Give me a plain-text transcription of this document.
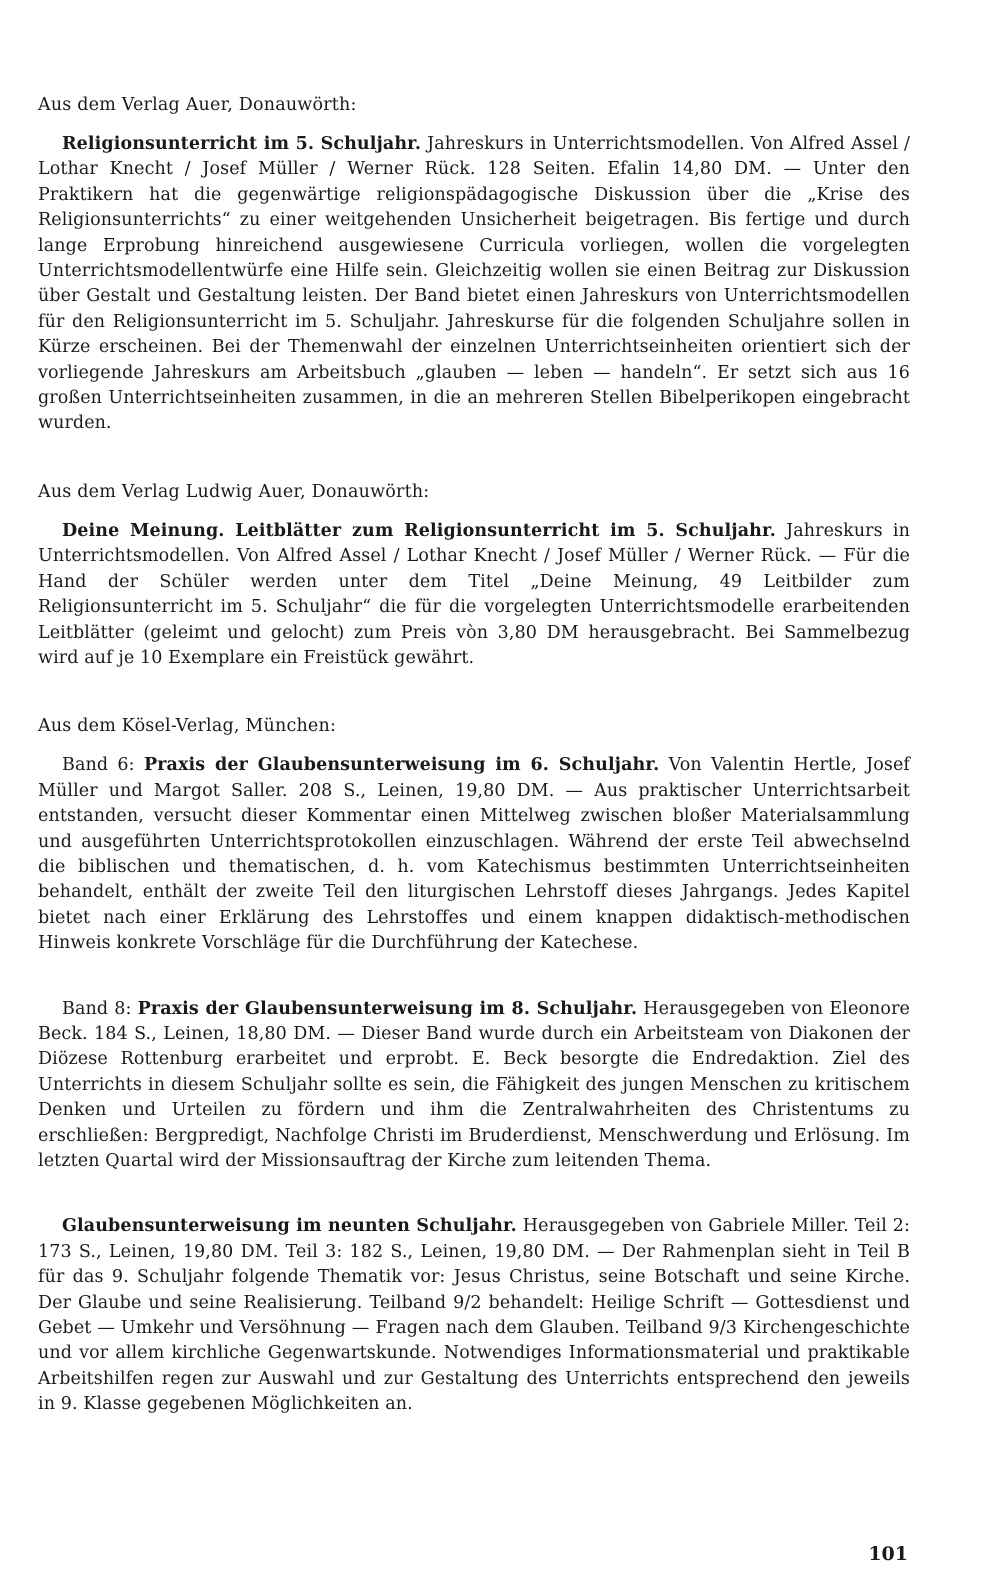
Aus dem Verlag Auer, Donauwörth:

Religionsunterricht im 5. Schuljahr. Jahreskurs in Unterrichtsmodellen. Von Alfred Assel / Lothar Knecht / Josef Müller / Werner Rück. 128 Seiten. Efalin 14,80 DM. — Unter den Praktikern hat die gegenwärtige religionspädagogische Diskussion über die „Krise des Religionsunterrichts“ zu einer weitgehenden Unsicherheit beigetragen. Bis fertige und durch lange Erprobung hinreichend ausgewiesene Curricula vorliegen, wollen die vorgelegten Unterrichtsmodellentwürfe eine Hilfe sein. Gleichzeitig wollen sie einen Beitrag zur Diskussion über Gestalt und Gestaltung leisten. Der Band bietet einen Jahreskurs von Unterrichtsmodellen für den Religionsunterricht im 5. Schuljahr. Jahreskurse für die folgenden Schuljahre sollen in Kürze erscheinen. Bei der Themenwahl der einzelnen Unterrichtseinheiten orientiert sich der vorliegende Jahreskurs am Arbeitsbuch „glauben — leben — handeln“. Er setzt sich aus 16 großen Unterrichtseinheiten zusammen, in die an mehreren Stellen Bibelperikopen eingebracht wurden.

Aus dem Verlag Ludwig Auer, Donauwörth:

Deine Meinung. Leitblätter zum Religionsunterricht im 5. Schuljahr. Jahreskurs in Unterrichtsmodellen. Von Alfred Assel / Lothar Knecht / Josef Müller / Werner Rück. — Für die Hand der Schüler werden unter dem Titel „Deine Meinung, 49 Leitbilder zum Religionsunterricht im 5. Schuljahr“ die für die vorgelegten Unterrichtsmodelle erarbeitenden Leitblätter (geleimt und gelocht) zum Preis vòn 3,80 DM herausgebracht. Bei Sammelbezug wird auf je 10 Exemplare ein Freistück gewährt.

Aus dem Kösel-Verlag, München:

Band 6: Praxis der Glaubensunterweisung im 6. Schuljahr. Von Valentin Hertle, Josef Müller und Margot Saller. 208 S., Leinen, 19,80 DM. — Aus praktischer Unterrichtsarbeit entstanden, versucht dieser Kommentar einen Mittelweg zwischen bloßer Materialsammlung und ausgeführten Unterrichtsprotokollen einzuschlagen. Während der erste Teil abwechselnd die biblischen und thematischen, d. h. vom Katechismus bestimmten Unterrichtseinheiten behandelt, enthält der zweite Teil den liturgischen Lehrstoff dieses Jahrgangs. Jedes Kapitel bietet nach einer Erklärung des Lehrstoffes und einem knappen didaktisch-methodischen Hinweis konkrete Vorschläge für die Durchführung der Katechese.

Band 8: Praxis der Glaubensunterweisung im 8. Schuljahr. Herausgegeben von Eleonore Beck. 184 S., Leinen, 18,80 DM. — Dieser Band wurde durch ein Arbeitsteam von Diakonen der Diözese Rottenburg erarbeitet und erprobt. E. Beck besorgte die Endredaktion. Ziel des Unterrichts in diesem Schuljahr sollte es sein, die Fähigkeit des jungen Menschen zu kritischem Denken und Urteilen zu fördern und ihm die Zentralwahrheiten des Christentums zu erschließen: Bergpredigt, Nachfolge Christi im Bruderdienst, Menschwerdung und Erlösung. Im letzten Quartal wird der Missionsauftrag der Kirche zum leitenden Thema.

Glaubensunterweisung im neunten Schuljahr. Herausgegeben von Gabriele Miller. Teil 2: 173 S., Leinen, 19,80 DM. Teil 3: 182 S., Leinen, 19,80 DM. — Der Rahmenplan sieht in Teil B für das 9. Schuljahr folgende Thematik vor: Jesus Christus, seine Botschaft und seine Kirche. Der Glaube und seine Realisierung. Teilband 9/2 behandelt: Heilige Schrift — Gottesdienst und Gebet — Umkehr und Versöhnung — Fragen nach dem Glauben. Teilband 9/3 Kirchengeschichte und vor allem kirchliche Gegenwartskunde. Notwendiges Informationsmaterial und praktikable Arbeitshilfen regen zur Auswahl und zur Gestaltung des Unterrichts entsprechend den jeweils in 9. Klasse gegebenen Möglichkeiten an.

101
